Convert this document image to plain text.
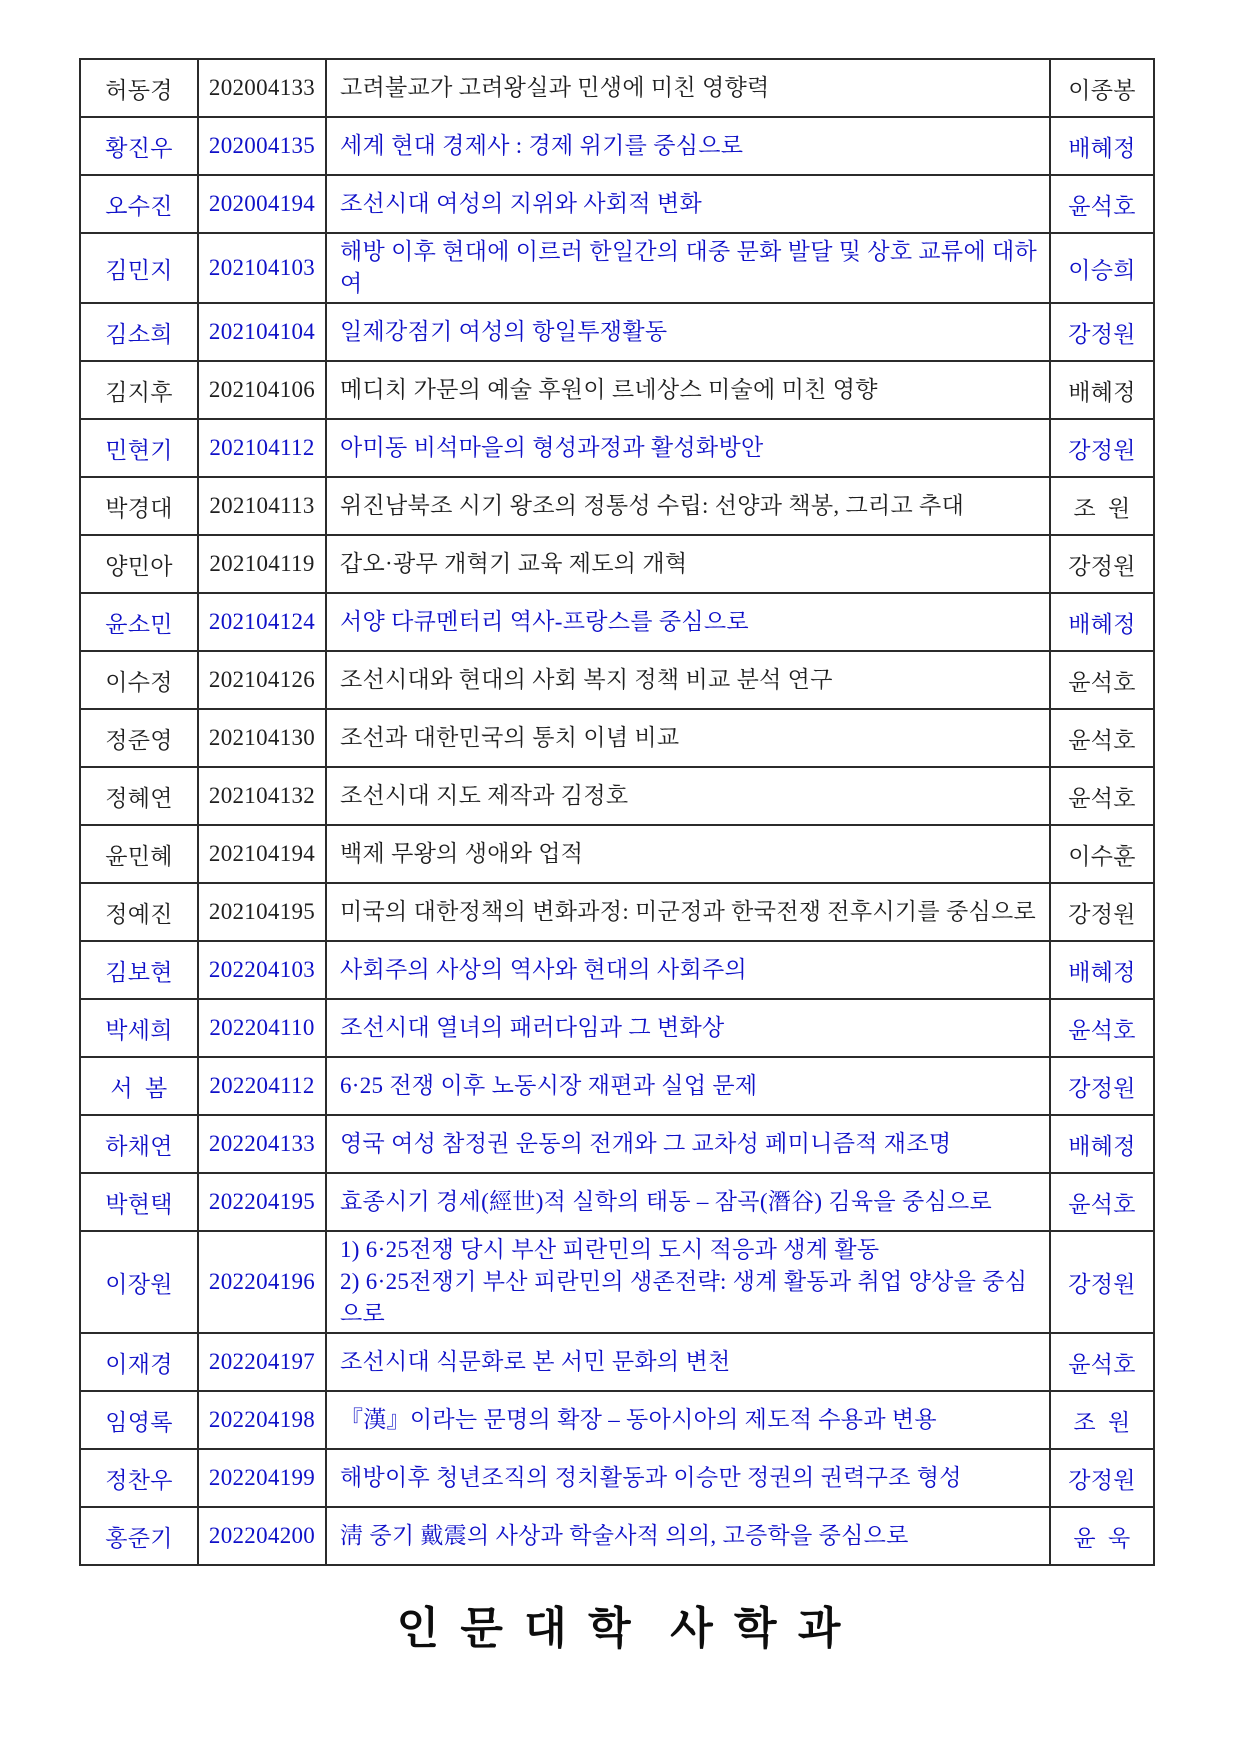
허동경	202004133	고려불교가 고려왕실과 민생에 미친 영향력	이종봉
황진우	202004135	세계 현대 경제사 : 경제 위기를 중심으로	배혜정
오수진	202004194	조선시대 여성의 지위와 사회적 변화	윤석호
김민지	202104103	해방 이후 현대에 이르러 한일간의 대중 문화 발달 및 상호 교류에 대하여	이승희
김소희	202104104	일제강점기 여성의 항일투쟁활동	강정원
김지후	202104106	메디치 가문의 예술 후원이 르네상스 미술에 미친 영향	배혜정
민현기	202104112	아미동 비석마을의 형성과정과 활성화방안	강정원
박경대	202104113	위진남북조 시기 왕조의 정통성 수립: 선양과 책봉, 그리고 추대	조  원
양민아	202104119	갑오·광무 개혁기 교육 제도의 개혁	강정원
윤소민	202104124	서양 다큐멘터리 역사-프랑스를 중심으로	배혜정
이수정	202104126	조선시대와 현대의 사회 복지 정책 비교 분석 연구	윤석호
정준영	202104130	조선과 대한민국의 통치 이념 비교	윤석호
정혜연	202104132	조선시대 지도 제작과 김정호	윤석호
윤민혜	202104194	백제 무왕의 생애와 업적	이수훈
정예진	202104195	미국의 대한정책의 변화과정: 미군정과 한국전쟁 전후시기를 중심으로	강정원
김보현	202204103	사회주의 사상의 역사와 현대의 사회주의	배혜정
박세희	202204110	조선시대 열녀의 패러다임과 그 변화상	윤석호
서  봄	202204112	6·25 전쟁 이후 노동시장 재편과 실업 문제	강정원
하채연	202204133	영국 여성 참정권 운동의 전개와 그 교차성 페미니즘적 재조명	배혜정
박현택	202204195	효종시기 경세(經世)적 실학의 태동 – 잠곡(潛谷) 김육을 중심으로	윤석호
이장원	202204196	1) 6·25전쟁 당시 부산 피란민의 도시 적응과 생계 활동
2) 6·25전쟁기 부산 피란민의 생존전략: 생계 활동과 취업 양상을 중심으로	강정원
이재경	202204197	조선시대 식문화로 본 서민 문화의 변천	윤석호
임영록	202204198	『漢』이라는 문명의 확장 – 동아시아의 제도적 수용과 변용	조  원
정찬우	202204199	해방이후 청년조직의 정치활동과 이승만 정권의 권력구조 형성	강정원
홍준기	202204200	淸 중기 戴震의 사상과 학술사적 의의, 고증학을 중심으로	윤  욱
인 문 대 학  사 학 과
